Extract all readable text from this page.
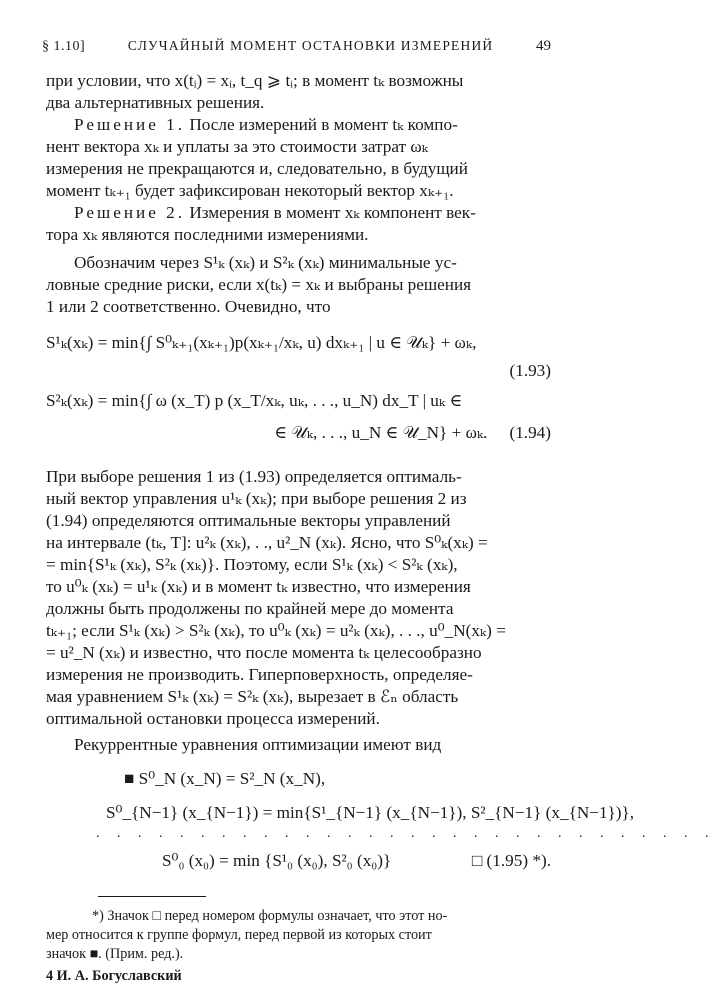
§ 1.10]	СЛУЧАЙНЫЙ МОМЕНТ ОСТАНОВКИ ИЗМЕРЕНИЙ	49

при условии, что x(tᵢ) = xᵢ, t_q ⩾ tᵢ; в момент tₖ возможны
два альтернативных решения.

Решение 1. После измерений в момент tₖ компо-
нент вектора xₖ и уплаты за это стоимости затрат ωₖ
измерения не прекращаются и, следовательно, в будущий
момент tₖ₊₁ будет зафиксирован некоторый вектор xₖ₊₁.

Решение 2. Измерения в момент xₖ компонент век-
тора xₖ являются последними измерениями.

Обозначим через S¹ₖ (xₖ) и S²ₖ (xₖ) минимальные ус-
ловные средние риски, если x(tₖ) = xₖ и выбраны решения
1 или 2 соответственно. Очевидно, что

S¹ₖ(xₖ) = min{∫ S⁰ₖ₊₁(xₖ₊₁)p(xₖ₊₁/xₖ, u) dxₖ₊₁ | u ∈ 𝒰ₖ} + ωₖ,
(1.93)
S²ₖ(xₖ) = min{∫ ω (x_T) p (x_T/xₖ, uₖ, . . ., u_N) dx_T | uₖ ∈
∈ 𝒰ₖ, . . ., u_N ∈ 𝒰_N} + ωₖ. (1.94)

При выборе решения 1 из (1.93) определяется оптималь-
ный вектор управления u¹ₖ (xₖ); при выборе решения 2 из
(1.94) определяются оптимальные векторы управлений
на интервале (tₖ, T]: u²ₖ (xₖ), . ., u²_N (xₖ). Ясно, что S⁰ₖ(xₖ) =
= min{S¹ₖ (xₖ), S²ₖ (xₖ)}. Поэтому, если S¹ₖ (xₖ) < S²ₖ (xₖ),
то u⁰ₖ (xₖ) = u¹ₖ (xₖ) и в момент tₖ известно, что измерения
должны быть продолжены по крайней мере до момента
tₖ₊₁; если S¹ₖ (xₖ) > S²ₖ (xₖ), то u⁰ₖ (xₖ) = u²ₖ (xₖ), . . ., u⁰_N(xₖ) =
= u²_N (xₖ) и известно, что после момента tₖ целесообразно
измерения не производить. Гиперповерхность, определяе-
мая уравнением S¹ₖ (xₖ) = S²ₖ (xₖ), вырезает в ℰₙ область
оптимальной остановки процесса измерений.

Рекуррентные уравнения оптимизации имеют вид

■ S⁰_N (x_N) = S²_N (x_N),
S⁰_{N−1} (x_{N−1}) = min{S¹_{N−1} (x_{N−1}), S²_{N−1} (x_{N−1})},
. . . . . . . . . . . . . . . . . . . . . . . . . . . . . .
S⁰₀ (x₀) = min {S¹₀ (x₀), S²₀ (x₀)}	□ (1.95) *).

*) Значок □ перед номером формулы означает, что этот но-
мер относится к группе формул, перед первой из которых стоит
значок ■. (Прим. ред.).

4 И. А. Богуславский
